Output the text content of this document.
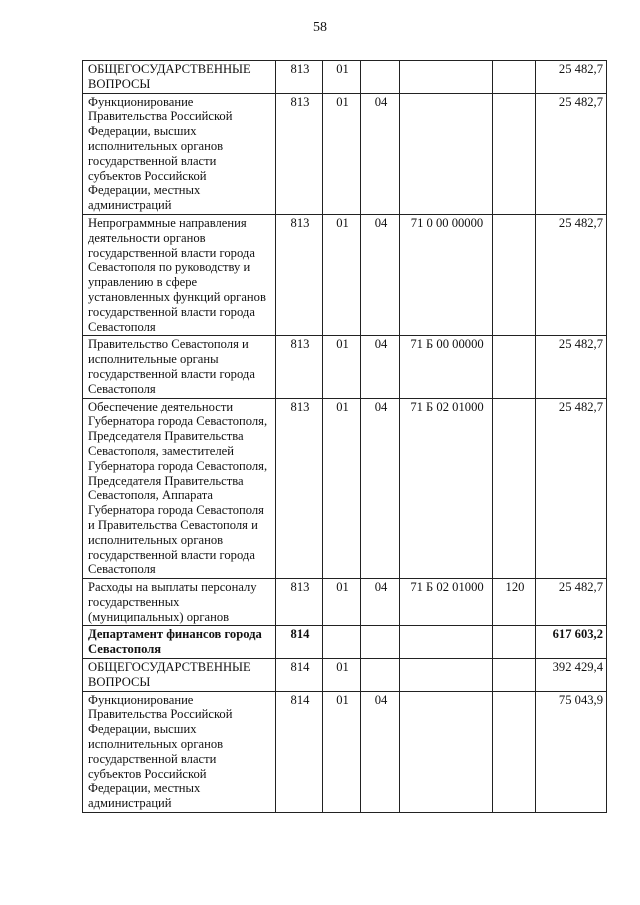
58
ОБЩЕГОСУДАРСТВЕННЫЕ ВОПРОСЫ	813	01				25 482,7
Функционирование Правительства Российской Федерации, высших исполнительных органов государственной власти субъектов Российской Федерации, местных администраций	813	01	04			25 482,7
Непрограммные направления деятельности органов государственной власти города Севастополя по руководству и управлению в сфере установленных функций органов государственной власти города Севастополя	813	01	04	71 0 00 00000		25 482,7
Правительство Севастополя и исполнительные органы государственной власти города Севастополя	813	01	04	71 Б 00 00000		25 482,7
Обеспечение деятельности Губернатора города Севастополя, Председателя Правительства Севастополя, заместителей Губернатора города Севастополя, Председателя Правительства Севастополя, Аппарата Губернатора города Севастополя и Правительства Севастополя и исполнительных органов государственной власти города Севастополя	813	01	04	71 Б 02 01000		25 482,7
Расходы на выплаты персоналу государственных (муниципальных) органов	813	01	04	71 Б 02 01000	120	25 482,7
Департамент финансов города Севастополя	814					617 603,2
ОБЩЕГОСУДАРСТВЕННЫЕ ВОПРОСЫ	814	01				392 429,4
Функционирование Правительства Российской Федерации, высших исполнительных органов государственной власти субъектов Российской Федерации, местных администраций	814	01	04			75 043,9
